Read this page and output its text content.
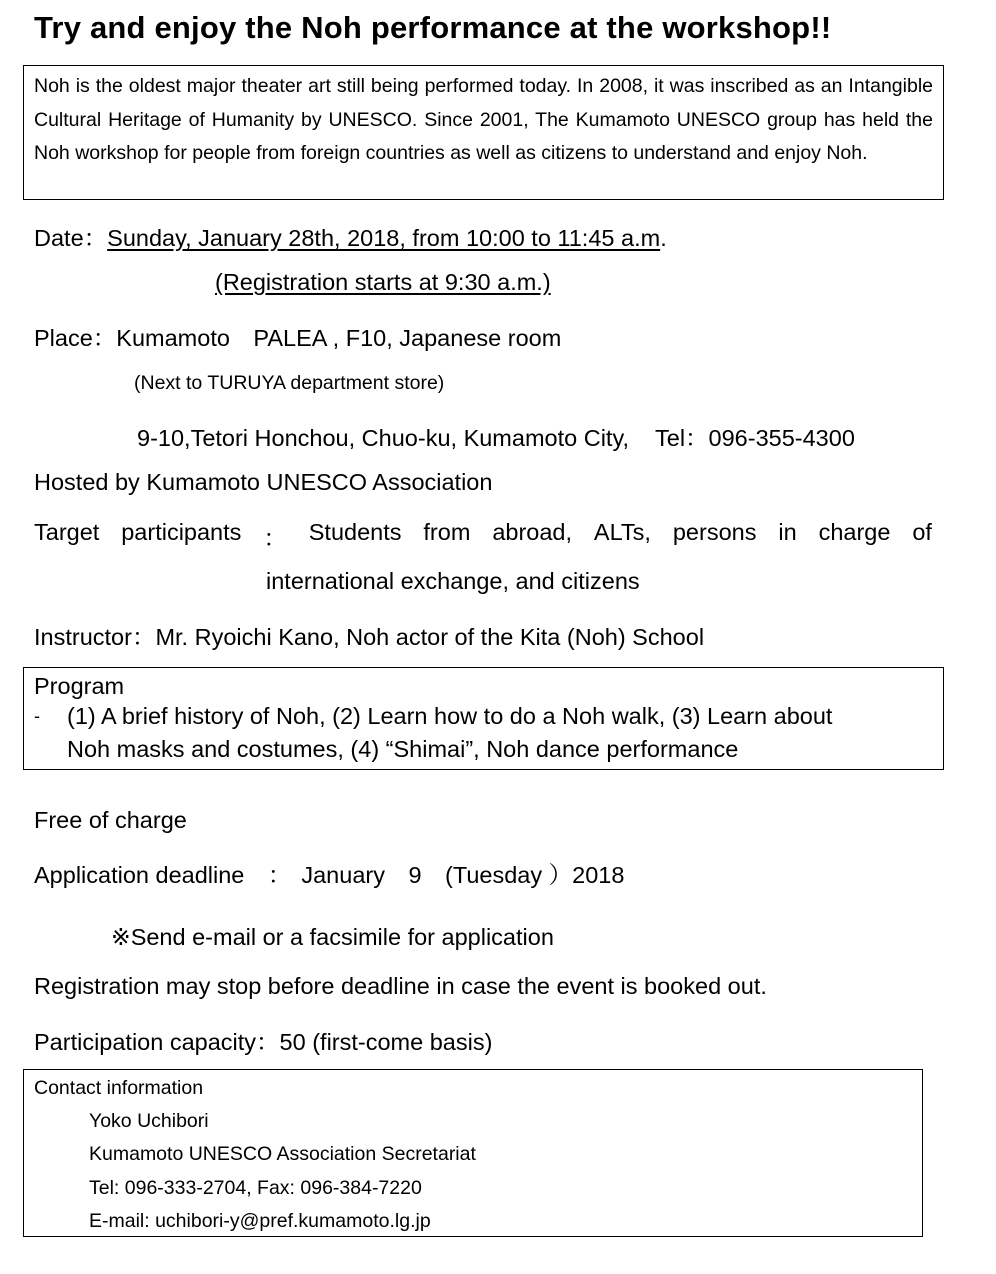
Try and enjoy the Noh performance at the workshop!!
Noh is the oldest major theater art still being performed today. In 2008, it was inscribed as an Intangible Cultural Heritage of Humanity by UNESCO. Since 2001, The Kumamoto UNESCO group has held the Noh workshop for people from foreign countries as well as citizens to understand and enjoy Noh.
Date：Sunday, January 28th, 2018, from 10:00 to 11:45 a.m.
(Registration starts at 9:30 a.m.)
Place：Kumamoto　PALEA , F10, Japanese room
(Next to TURUYA department store)
9-10,Tetori Honchou, Chuo-ku, Kumamoto City, Tel：096-355-4300
Hosted by Kumamoto UNESCO Association
Target participants ： Students from abroad, ALTs, persons in charge of
international exchange, and citizens
Instructor：Mr. Ryoichi Kano, Noh actor of the Kita (Noh) School
Program
- (1) A brief history of Noh, (2) Learn how to do a Noh walk, (3) Learn about
Noh masks and costumes, (4) “Shimai”, Noh dance performance
Free of charge
Application deadline　： January　9　(Tuesday ）2018
※Send e-mail or a facsimile for application
Registration may stop before deadline in case the event is booked out.
Participation capacity：50 (first-come basis)
Contact information
Yoko Uchibori
Kumamoto UNESCO Association Secretariat
Tel: 096-333-2704, Fax: 096-384-7220
E-mail: uchibori-y@pref.kumamoto.lg.jp
